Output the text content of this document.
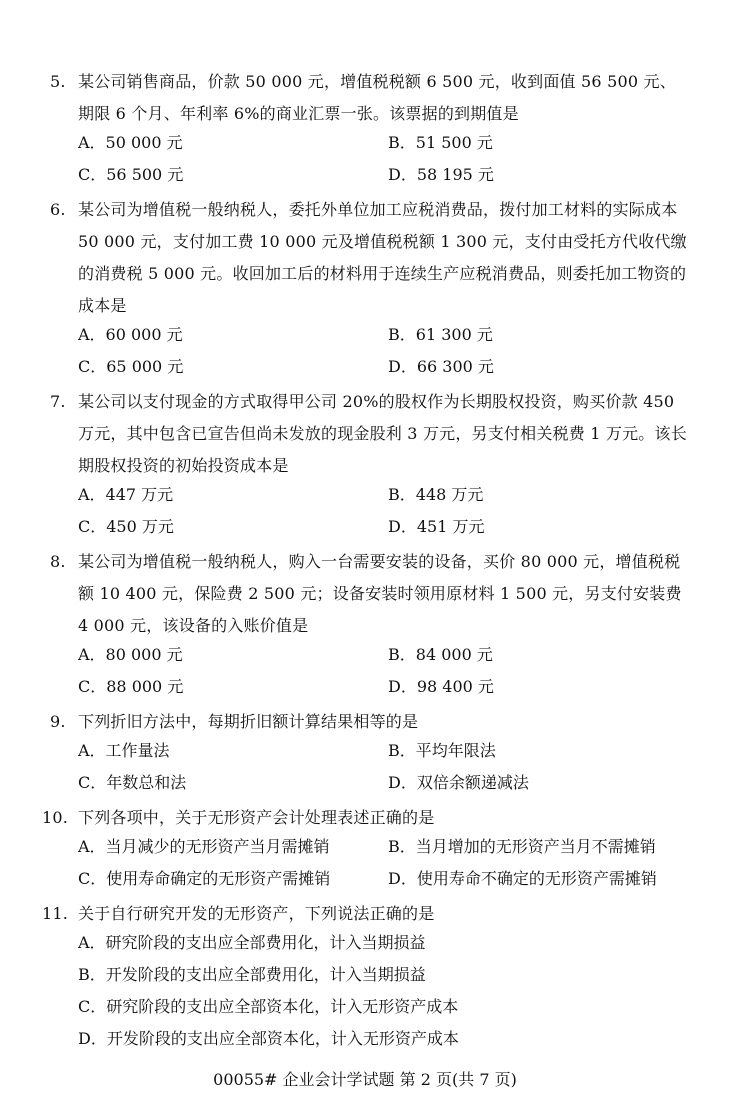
5. 某公司销售商品，价款 50 000 元，增值税税额 6 500 元，收到面值 56 500 元、期限 6 个月、年利率 6%的商业汇票一张。该票据的到期值是
A．50 000 元	B．51 500 元
C．56 500 元	D．58 195 元
6. 某公司为增值税一般纳税人，委托外单位加工应税消费品，拨付加工材料的实际成本 50 000 元，支付加工费 10 000 元及增值税税额 1 300 元，支付由受托方代收代缴的消费税 5 000 元。收回加工后的材料用于连续生产应税消费品，则委托加工物资的成本是
A．60 000 元	B．61 300 元
C．65 000 元	D．66 300 元
7. 某公司以支付现金的方式取得甲公司 20%的股权作为长期股权投资，购买价款 450 万元，其中包含已宣告但尚未发放的现金股利 3 万元，另支付相关税费 1 万元。该长期股权投资的初始投资成本是
A．447 万元	B．448 万元
C．450 万元	D．451 万元
8. 某公司为增值税一般纳税人，购入一台需要安装的设备，买价 80 000 元，增值税税额 10 400 元，保险费 2 500 元；设备安装时领用原材料 1 500 元，另支付安装费 4 000 元，该设备的入账价值是
A．80 000 元	B．84 000 元
C．88 000 元	D．98 400 元
9. 下列折旧方法中，每期折旧额计算结果相等的是
A．工作量法	B．平均年限法
C．年数总和法	D．双倍余额递减法
10. 下列各项中，关于无形资产会计处理表述正确的是
A．当月减少的无形资产当月需摊销	B．当月增加的无形资产当月不需摊销
C．使用寿命确定的无形资产需摊销	D．使用寿命不确定的无形资产需摊销
11. 关于自行研究开发的无形资产，下列说法正确的是
A．研究阶段的支出应全部费用化，计入当期损益
B．开发阶段的支出应全部费用化，计入当期损益
C．研究阶段的支出应全部资本化，计入无形资产成本
D．开发阶段的支出应全部资本化，计入无形资产成本
00055# 企业会计学试题 第 2 页(共 7 页)
